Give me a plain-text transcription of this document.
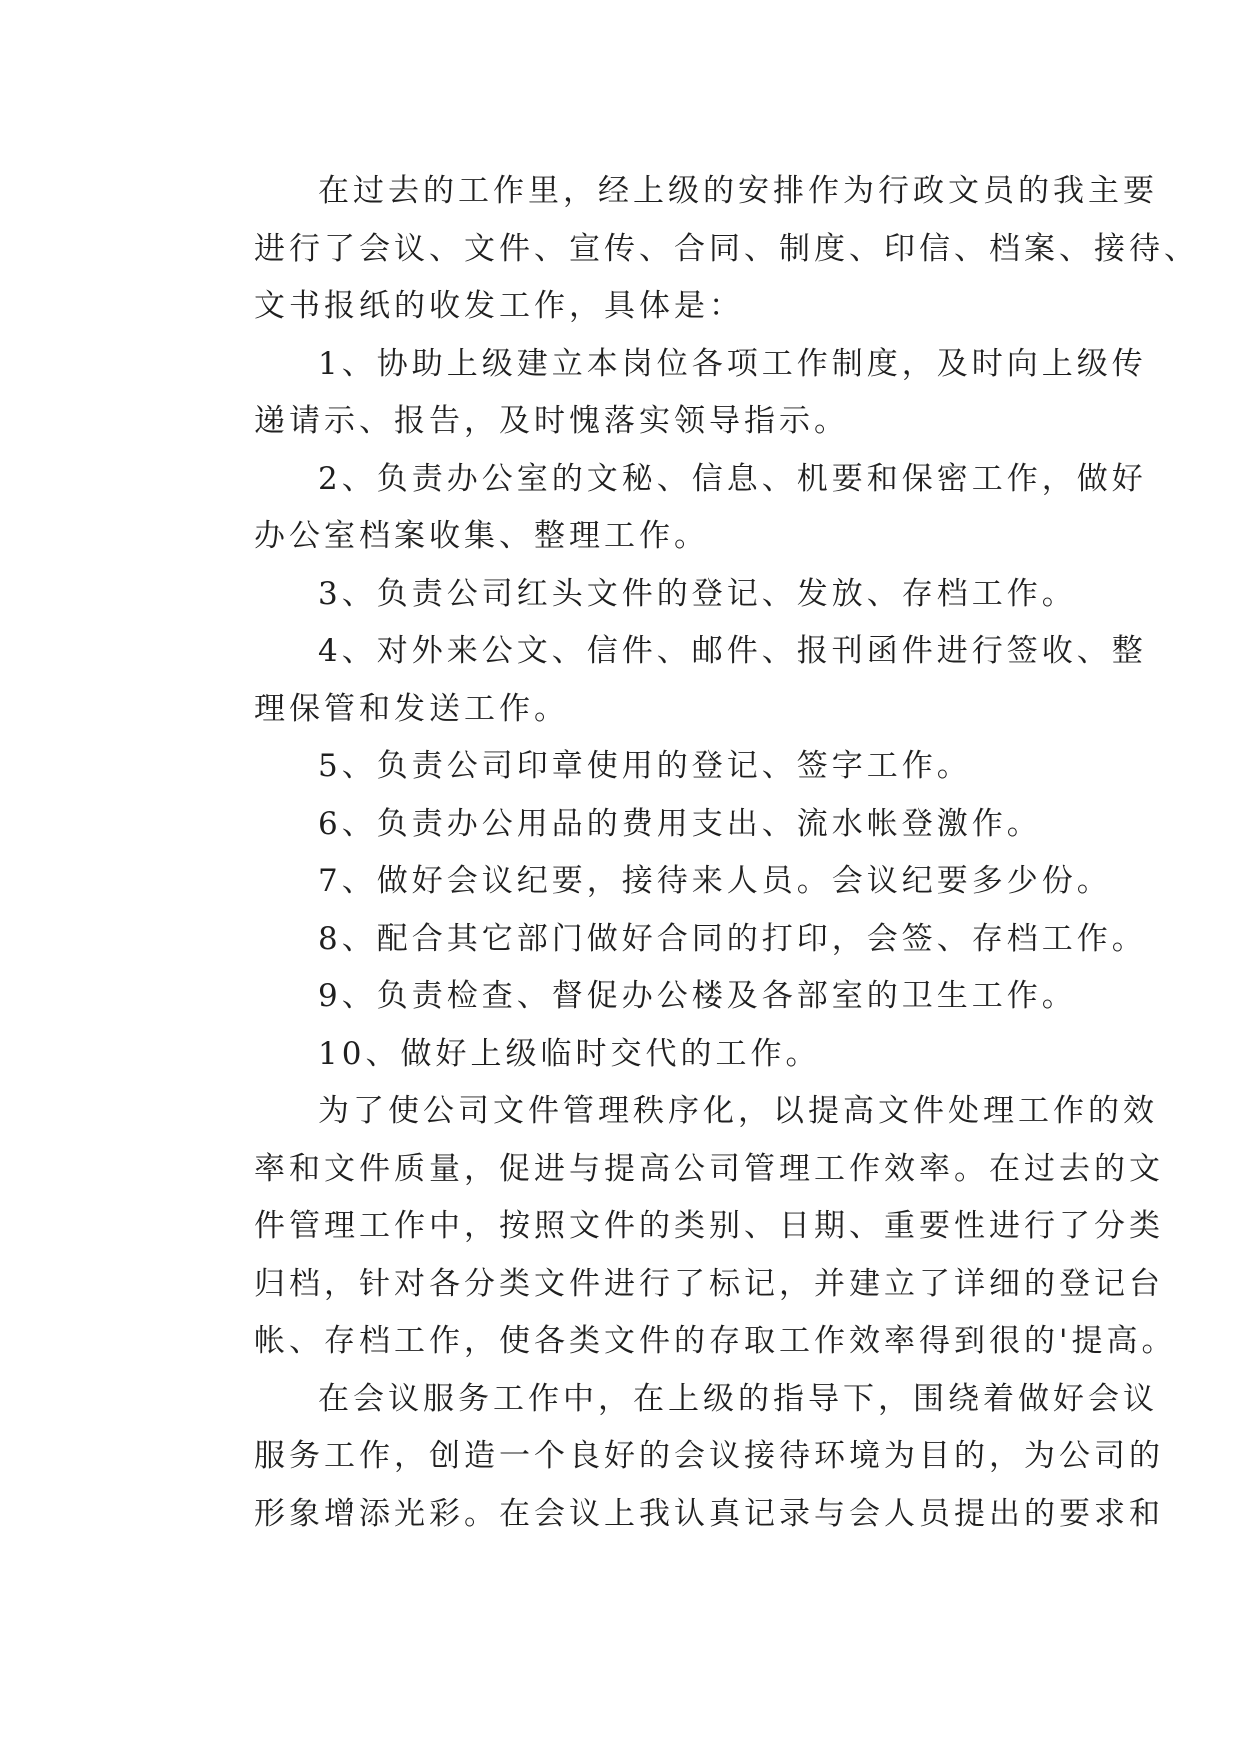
在过去的工作里，经上级的安排作为行政文员的我主要
进行了会议、文件、宣传、合同、制度、印信、档案、接待、
文书报纸的收发工作，具体是：
1、协助上级建立本岗位各项工作制度，及时向上级传
递请示、报告，及时愧落实领导指示。
2、负责办公室的文秘、信息、机要和保密工作，做好
办公室档案收集、整理工作。
3、负责公司红头文件的登记、发放、存档工作。
4、对外来公文、信件、邮件、报刊函件进行签收、整
理保管和发送工作。
5、负责公司印章使用的登记、签字工作。
6、负责办公用品的费用支出、流水帐登激作。
7、做好会议纪要，接待来人员。会议纪要多少份。
8、配合其它部门做好合同的打印，会签、存档工作。
9、负责检查、督促办公楼及各部室的卫生工作。
10、做好上级临时交代的工作。
为了使公司文件管理秩序化，以提高文件处理工作的效
率和文件质量，促进与提高公司管理工作效率。在过去的文
件管理工作中，按照文件的类别、日期、重要性进行了分类
归档，针对各分类文件进行了标记，并建立了详细的登记台
帐、存档工作，使各类文件的存取工作效率得到很的'提高。
在会议服务工作中，在上级的指导下，围绕着做好会议
服务工作，创造一个良好的会议接待环境为目的，为公司的
形象增添光彩。在会议上我认真记录与会人员提出的要求和
